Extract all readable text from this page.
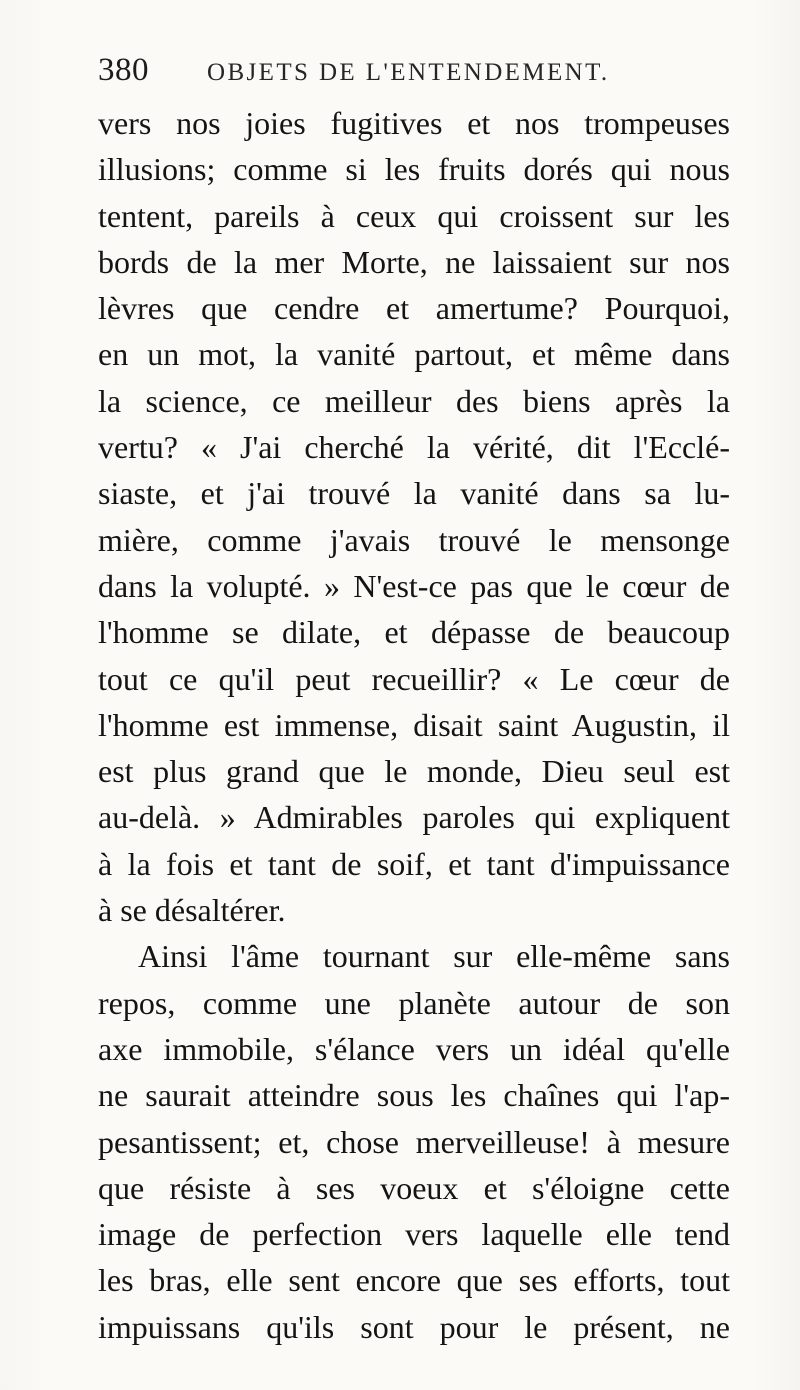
380 OBJETS DE L'ENTENDEMENT.
vers nos joies fugitives et nos trompeuses
illusions; comme si les fruits dorés qui nous
tentent, pareils à ceux qui croissent sur les
bords de la mer Morte, ne laissaient sur nos
lèvres que cendre et amertume? Pourquoi,
en un mot, la vanité partout, et même dans
la science, ce meilleur des biens après la
vertu? « J'ai cherché la vérité, dit l'Ecclé-
siaste, et j'ai trouvé la vanité dans sa lu-
mière, comme j'avais trouvé le mensonge
dans la volupté. » N'est-ce pas que le cœur de
l'homme se dilate, et dépasse de beaucoup
tout ce qu'il peut recueillir? « Le cœur de
l'homme est immense, disait saint Augustin, il
est plus grand que le monde, Dieu seul est
au-delà. » Admirables paroles qui expliquent
à la fois et tant de soif, et tant d'impuissance
à se désaltérer.
Ainsi l'âme tournant sur elle-même sans
repos, comme une planète autour de son
axe immobile, s'élance vers un idéal qu'elle
ne saurait atteindre sous les chaînes qui l'ap-
pesantissent; et, chose merveilleuse! à mesure
que résiste à ses voeux et s'éloigne cette
image de perfection vers laquelle elle tend
les bras, elle sent encore que ses efforts, tout
impuissans qu'ils sont pour le présent, ne
